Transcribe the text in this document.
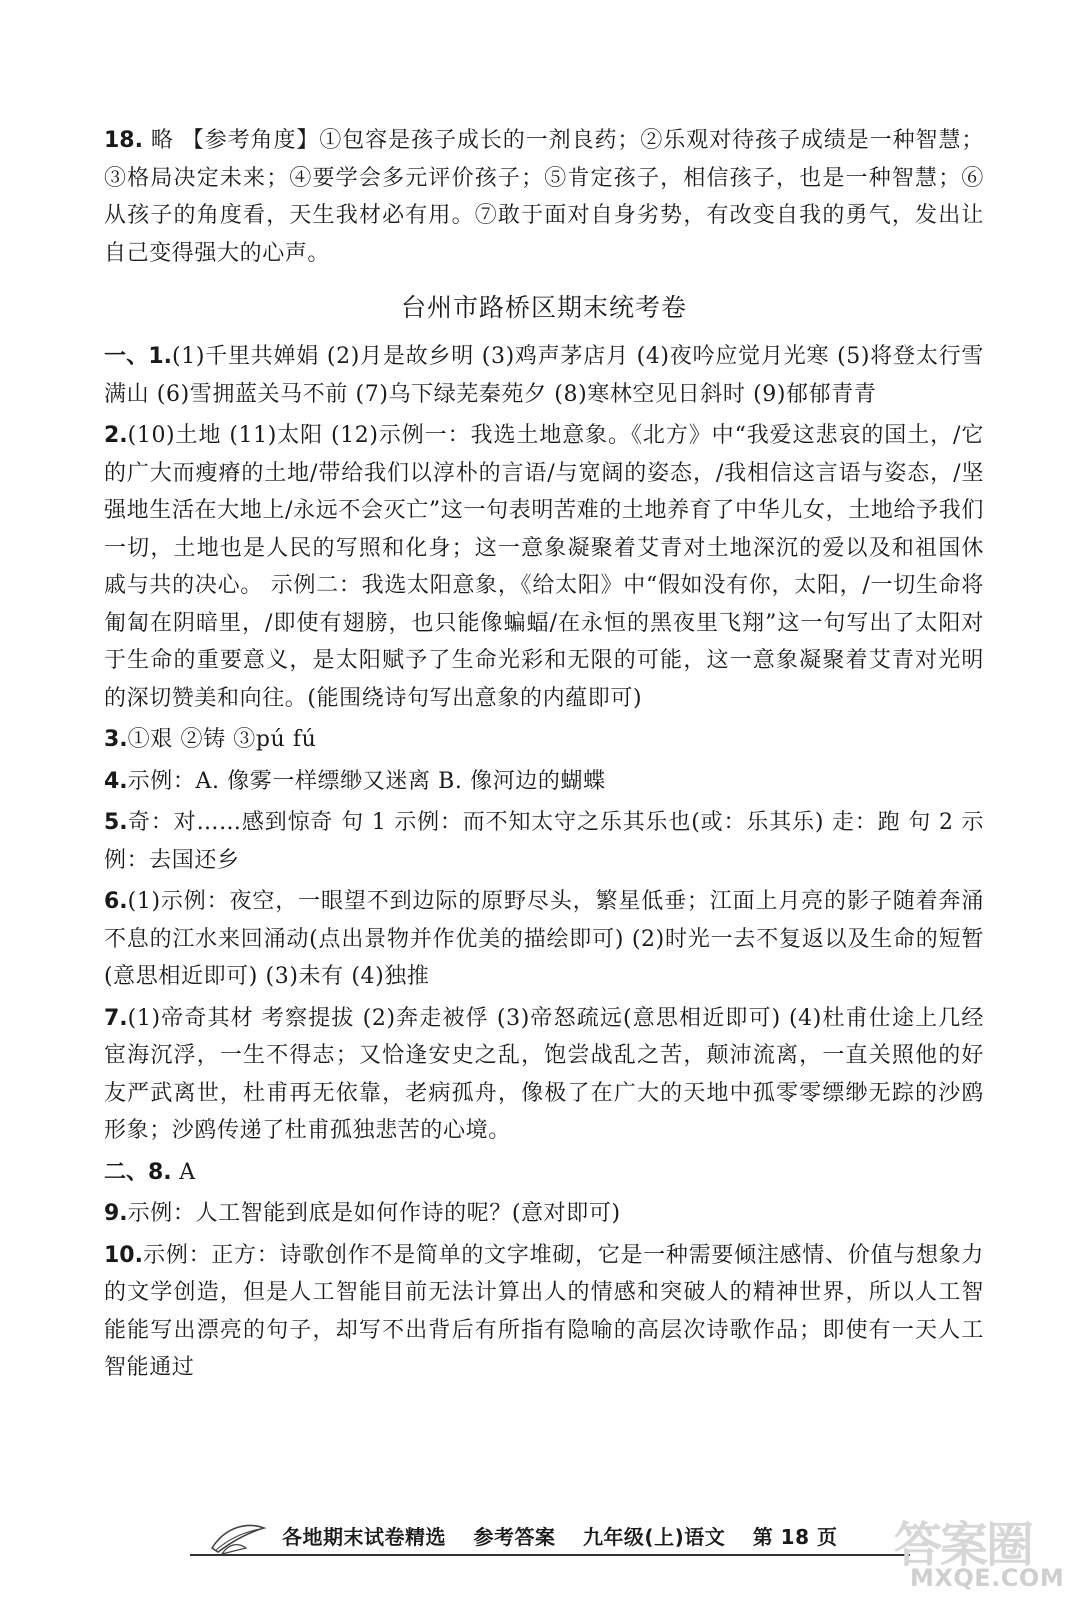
18. 略 【参考角度】①包容是孩子成长的一剂良药；②乐观对待孩子成绩是一种智慧；③格局决定未来；④要学会多元评价孩子；⑤肯定孩子，相信孩子，也是一种智慧；⑥从孩子的角度看，天生我材必有用。⑦敢于面对自身劣势，有改变自我的勇气，发出让自己变得强大的心声。

台州市路桥区期末统考卷

一、1.(1)千里共婵娟 (2)月是故乡明 (3)鸡声茅店月 (4)夜吟应觉月光寒 (5)将登太行雪满山 (6)雪拥蓝关马不前 (7)乌下绿芜秦苑夕 (8)寒林空见日斜时 (9)郁郁青青

2.(10)土地 (11)太阳 (12)示例一：我选土地意象。《北方》中“我爱这悲哀的国土，/它的广大而瘦瘠的土地/带给我们以淳朴的言语/与宽阔的姿态，/我相信这言语与姿态，/坚强地生活在大地上/永远不会灭亡”这一句表明苦难的土地养育了中华儿女，土地给予我们一切，土地也是人民的写照和化身；这一意象凝聚着艾青对土地深沉的爱以及和祖国休戚与共的决心。 示例二：我选太阳意象，《给太阳》中“假如没有你，太阳，/一切生命将匍匐在阴暗里，/即使有翅膀，也只能像蝙蝠/在永恒的黑夜里飞翔”这一句写出了太阳对于生命的重要意义，是太阳赋予了生命光彩和无限的可能，这一意象凝聚着艾青对光明的深切赞美和向往。(能围绕诗句写出意象的内蕴即可)

3.①艰 ②铸 ③pú fú

4.示例：A. 像雾一样缥缈又迷离 B. 像河边的蝴蝶

5.奇：对……感到惊奇 句 1 示例：而不知太守之乐其乐也(或：乐其乐) 走：跑 句 2 示例：去国还乡

6.(1)示例：夜空，一眼望不到边际的原野尽头，繁星低垂；江面上月亮的影子随着奔涌不息的江水来回涌动(点出景物并作优美的描绘即可) (2)时光一去不复返以及生命的短暂(意思相近即可) (3)未有 (4)独推

7.(1)帝奇其材 考察提拔 (2)奔走被俘 (3)帝怒疏远(意思相近即可) (4)杜甫仕途上几经宦海沉浮，一生不得志；又恰逢安史之乱，饱尝战乱之苦，颠沛流离，一直关照他的好友严武离世，杜甫再无依靠，老病孤舟，像极了在广大的天地中孤零零缥缈无踪的沙鸥形象；沙鸥传递了杜甫孤独悲苦的心境。

二、8. A

9.示例：人工智能到底是如何作诗的呢？(意对即可)

10.示例：正方：诗歌创作不是简单的文字堆砌，它是一种需要倾注感情、价值与想象力的文学创造，但是人工智能目前无法计算出人的情感和突破人的精神世界，所以人工智能能写出漂亮的句子，却写不出背后有所指有隐喻的高层次诗歌作品；即使有一天人工智能通过

各地期末试卷精选 参考答案 九年级(上)语文 第 18 页 答案圈
MXQE.COM
